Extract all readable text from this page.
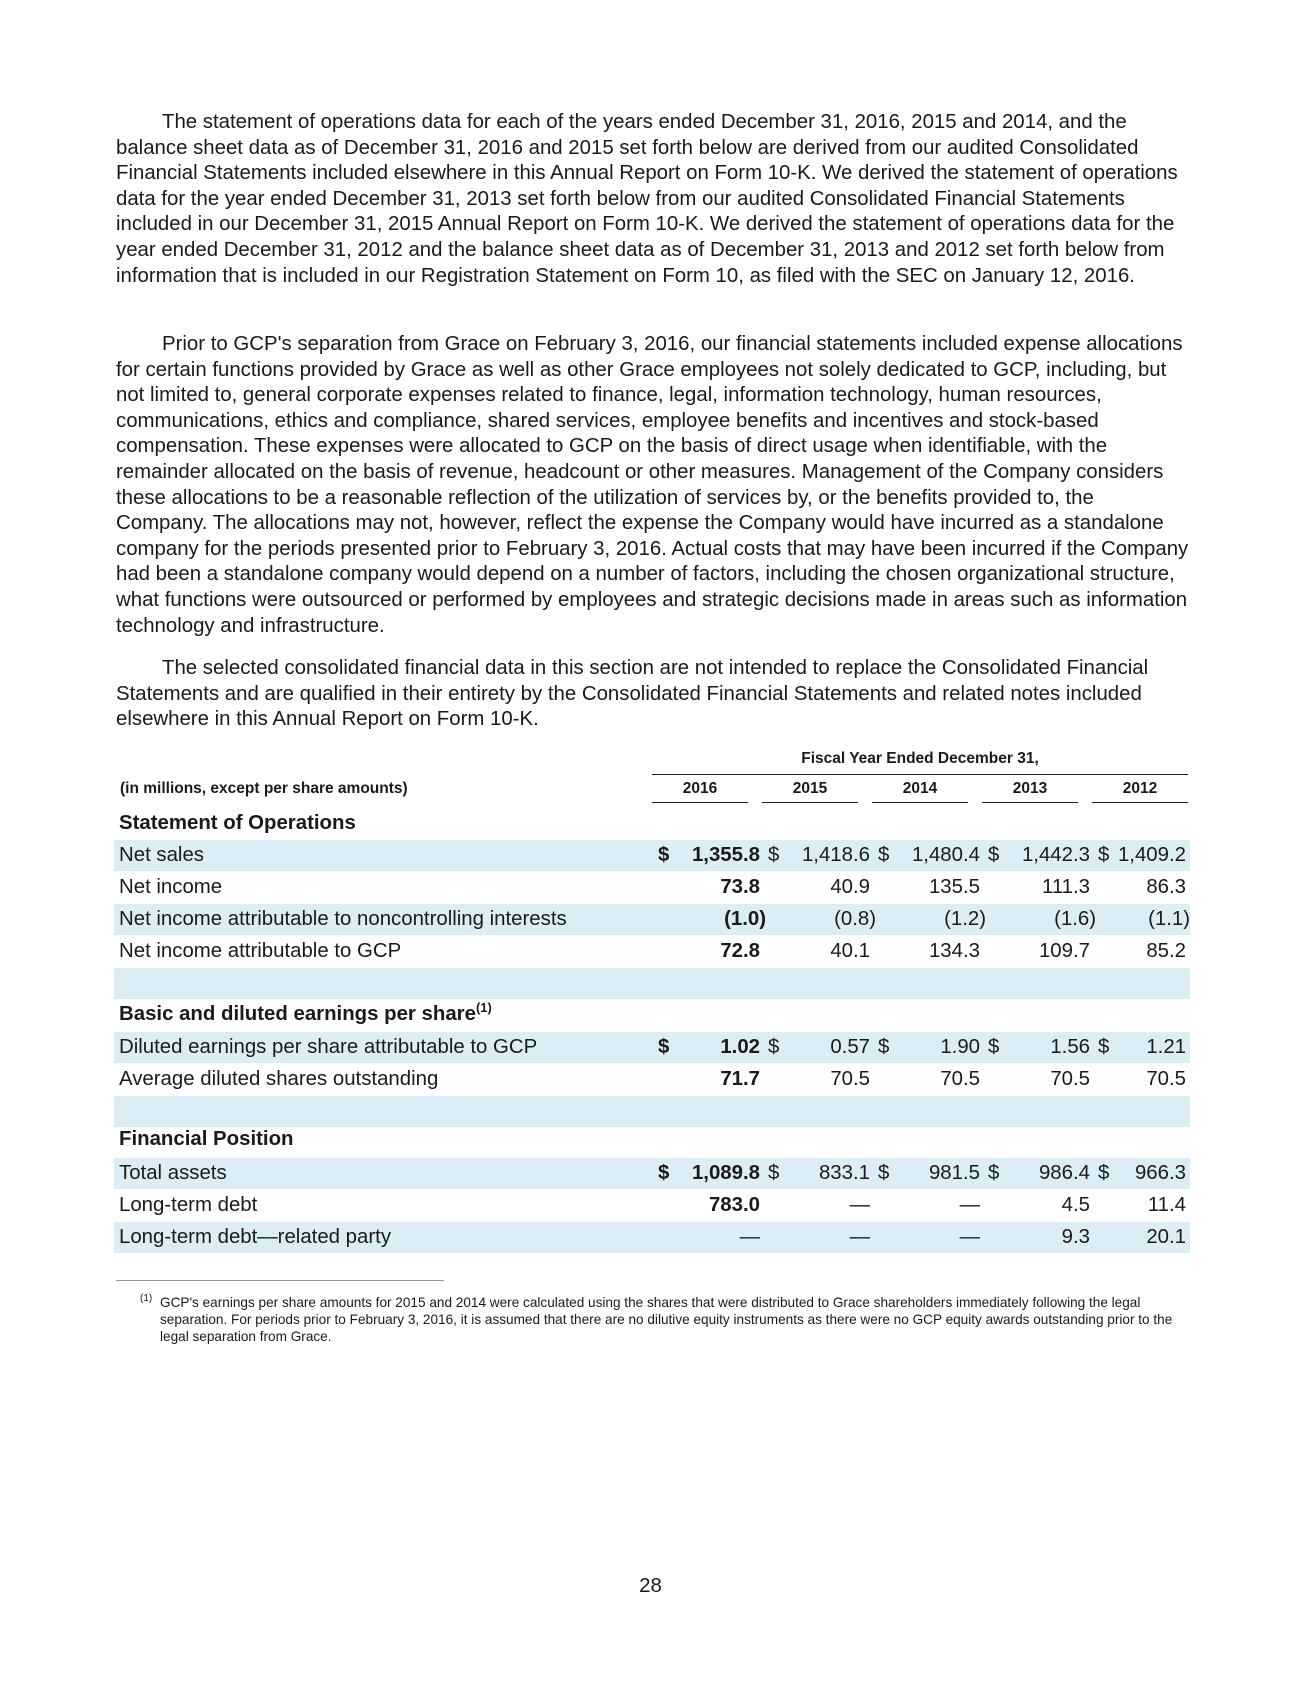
The statement of operations data for each of the years ended December 31, 2016, 2015 and 2014, and the balance sheet data as of December 31, 2016 and 2015 set forth below are derived from our audited Consolidated Financial Statements included elsewhere in this Annual Report on Form 10-K. We derived the statement of operations data for the year ended December 31, 2013 set forth below from our audited Consolidated Financial Statements included in our December 31, 2015 Annual Report on Form 10-K. We derived the statement of operations data for the year ended December 31, 2012 and the balance sheet data as of December 31, 2013 and 2012 set forth below from information that is included in our Registration Statement on Form 10, as filed with the SEC on January 12, 2016.

Prior to GCP's separation from Grace on February 3, 2016, our financial statements included expense allocations for certain functions provided by Grace as well as other Grace employees not solely dedicated to GCP, including, but not limited to, general corporate expenses related to finance, legal, information technology, human resources, communications, ethics and compliance, shared services, employee benefits and incentives and stock-based compensation. These expenses were allocated to GCP on the basis of direct usage when identifiable, with the remainder allocated on the basis of revenue, headcount or other measures. Management of the Company considers these allocations to be a reasonable reflection of the utilization of services by, or the benefits provided to, the Company. The allocations may not, however, reflect the expense the Company would have incurred as a standalone company for the periods presented prior to February 3, 2016. Actual costs that may have been incurred if the Company had been a standalone company would depend on a number of factors, including the chosen organizational structure, what functions were outsourced or performed by employees and strategic decisions made in areas such as information technology and infrastructure.

The selected consolidated financial data in this section are not intended to replace the Consolidated Financial Statements and are qualified in their entirety by the Consolidated Financial Statements and related notes included elsewhere in this Annual Report on Form 10-K.

Fiscal Year Ended December 31,
(in millions, except per share amounts)	2016	2015	2014	2013	2012
Statement of Operations
Net sales	$	1,355.8 $	1,418.6 $	1,480.4 $	1,442.3 $ 1,409.2
Net income	73.8	40.9	135.5	111.3	86.3
Net income attributable to noncontrolling interests	(1.0)	(0.8)	(1.2)	(1.6)	(1.1)
Net income attributable to GCP	72.8	40.1	134.3	109.7	85.2
Basic and diluted earnings per share$^{(1)}$
Diluted earnings per share attributable to GCP	$	1.02 $	0.57 $	1.90 $	1.56 $	1.21
Average diluted shares outstanding	71.7	70.5	70.5	70.5	70.5
Financial Position
Total assets	$	1,089.8 $	833.1 $	981.5 $	986.4 $	966.3
Long-term debt	783.0	—	—	4.5	11.4
Long-term debt—related party	—	—	—	9.3	20.1

(1) GCP's earnings per share amounts for 2015 and 2014 were calculated using the shares that were distributed to Grace shareholders immediately following the legal separation. For periods prior to February 3, 2016, it is assumed that there are no dilutive equity instruments as there were no GCP equity awards outstanding prior to the legal separation from Grace.

28
